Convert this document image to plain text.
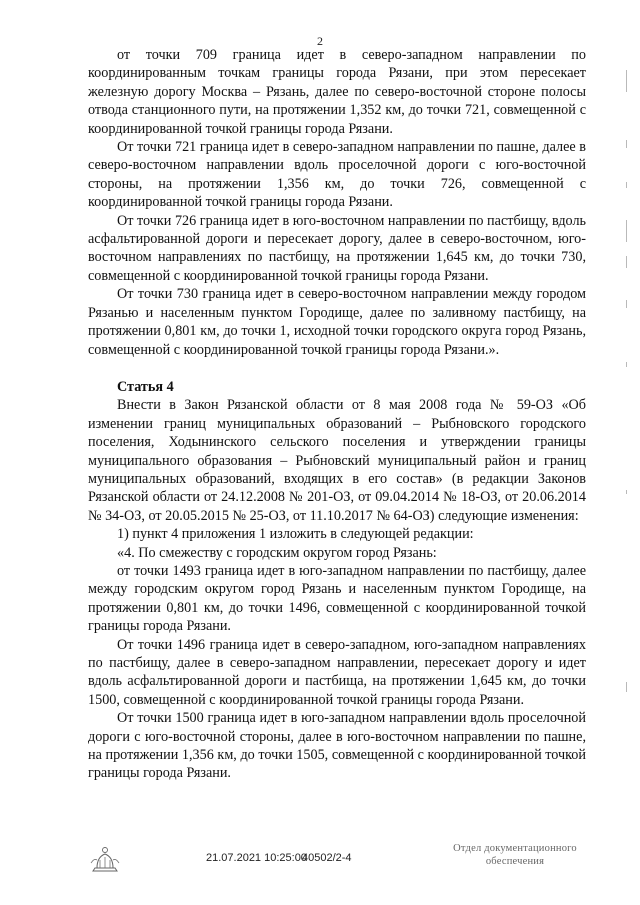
2

от точки 709 граница идет в северо-западном направлении по координированным точкам границы города Рязани, при этом пересекает железную дорогу Москва – Рязань, далее по северо-восточной стороне полосы отвода станционного пути, на протяжении 1,352 км, до точки 721, совмещенной с координированной точкой границы города Рязани.

От точки 721 граница идет в северо-западном направлении по пашне, далее в северо-восточном направлении вдоль проселочной дороги с юго-восточной стороны, на протяжении 1,356 км, до точки 726, совмещенной с координированной точкой границы города Рязани.

От точки 726 граница идет в юго-восточном направлении по пастбищу, вдоль асфальтированной дороги и пересекает дорогу, далее в северо-восточном, юго-восточном направлениях по пастбищу, на протяжении 1,645 км, до точки 730, совмещенной с координированной точкой границы города Рязани.

От точки 730 граница идет в северо-восточном направлении между городом Рязанью и населенным пунктом Городище, далее по заливному пастбищу, на протяжении 0,801 км, до точки 1, исходной точки городского округа город Рязань, совмещенной с координированной точкой границы города Рязани.».

Статья 4

Внести в Закон Рязанской области от 8 мая 2008 года № 59-ОЗ «Об изменении границ муниципальных образований – Рыбновского городского поселения, Ходынинского сельского поселения и утверждении границы муниципального образования – Рыбновский муниципальный район и границ муниципальных образований, входящих в его состав» (в редакции Законов Рязанской области от 24.12.2008 № 201-ОЗ, от 09.04.2014 № 18-ОЗ, от 20.06.2014 № 34-ОЗ, от 20.05.2015 № 25-ОЗ, от 11.10.2017 № 64-ОЗ) следующие изменения:

1) пункт 4 приложения 1 изложить в следующей редакции:

«4. По смежеству с городским округом город Рязань:

от точки 1493 граница идет в юго-западном направлении по пастбищу, далее между городским округом город Рязань и населенным пунктом Городище, на протяжении 0,801 км, до точки 1496, совмещенной с координированной точкой границы города Рязани.

От точки 1496 граница идет в северо-западном, юго-западном направлениях по пастбищу, далее в северо-западном направлении, пересекает дорогу и идет вдоль асфальтированной дороги и пастбища, на протяжении 1,645 км, до точки 1500, совмещенной с координированной точкой границы города Рязани.

От точки 1500 граница идет в юго-западном направлении вдоль проселочной дороги с юго-восточной стороны, далее в юго-восточном направлении по пашне, на протяжении 1,356 км, до точки 1505, совмещенной с координированной точкой границы города Рязани.

21.07.2021 10:25:00
40502/2-4
Отдел документационного
обеспечения
